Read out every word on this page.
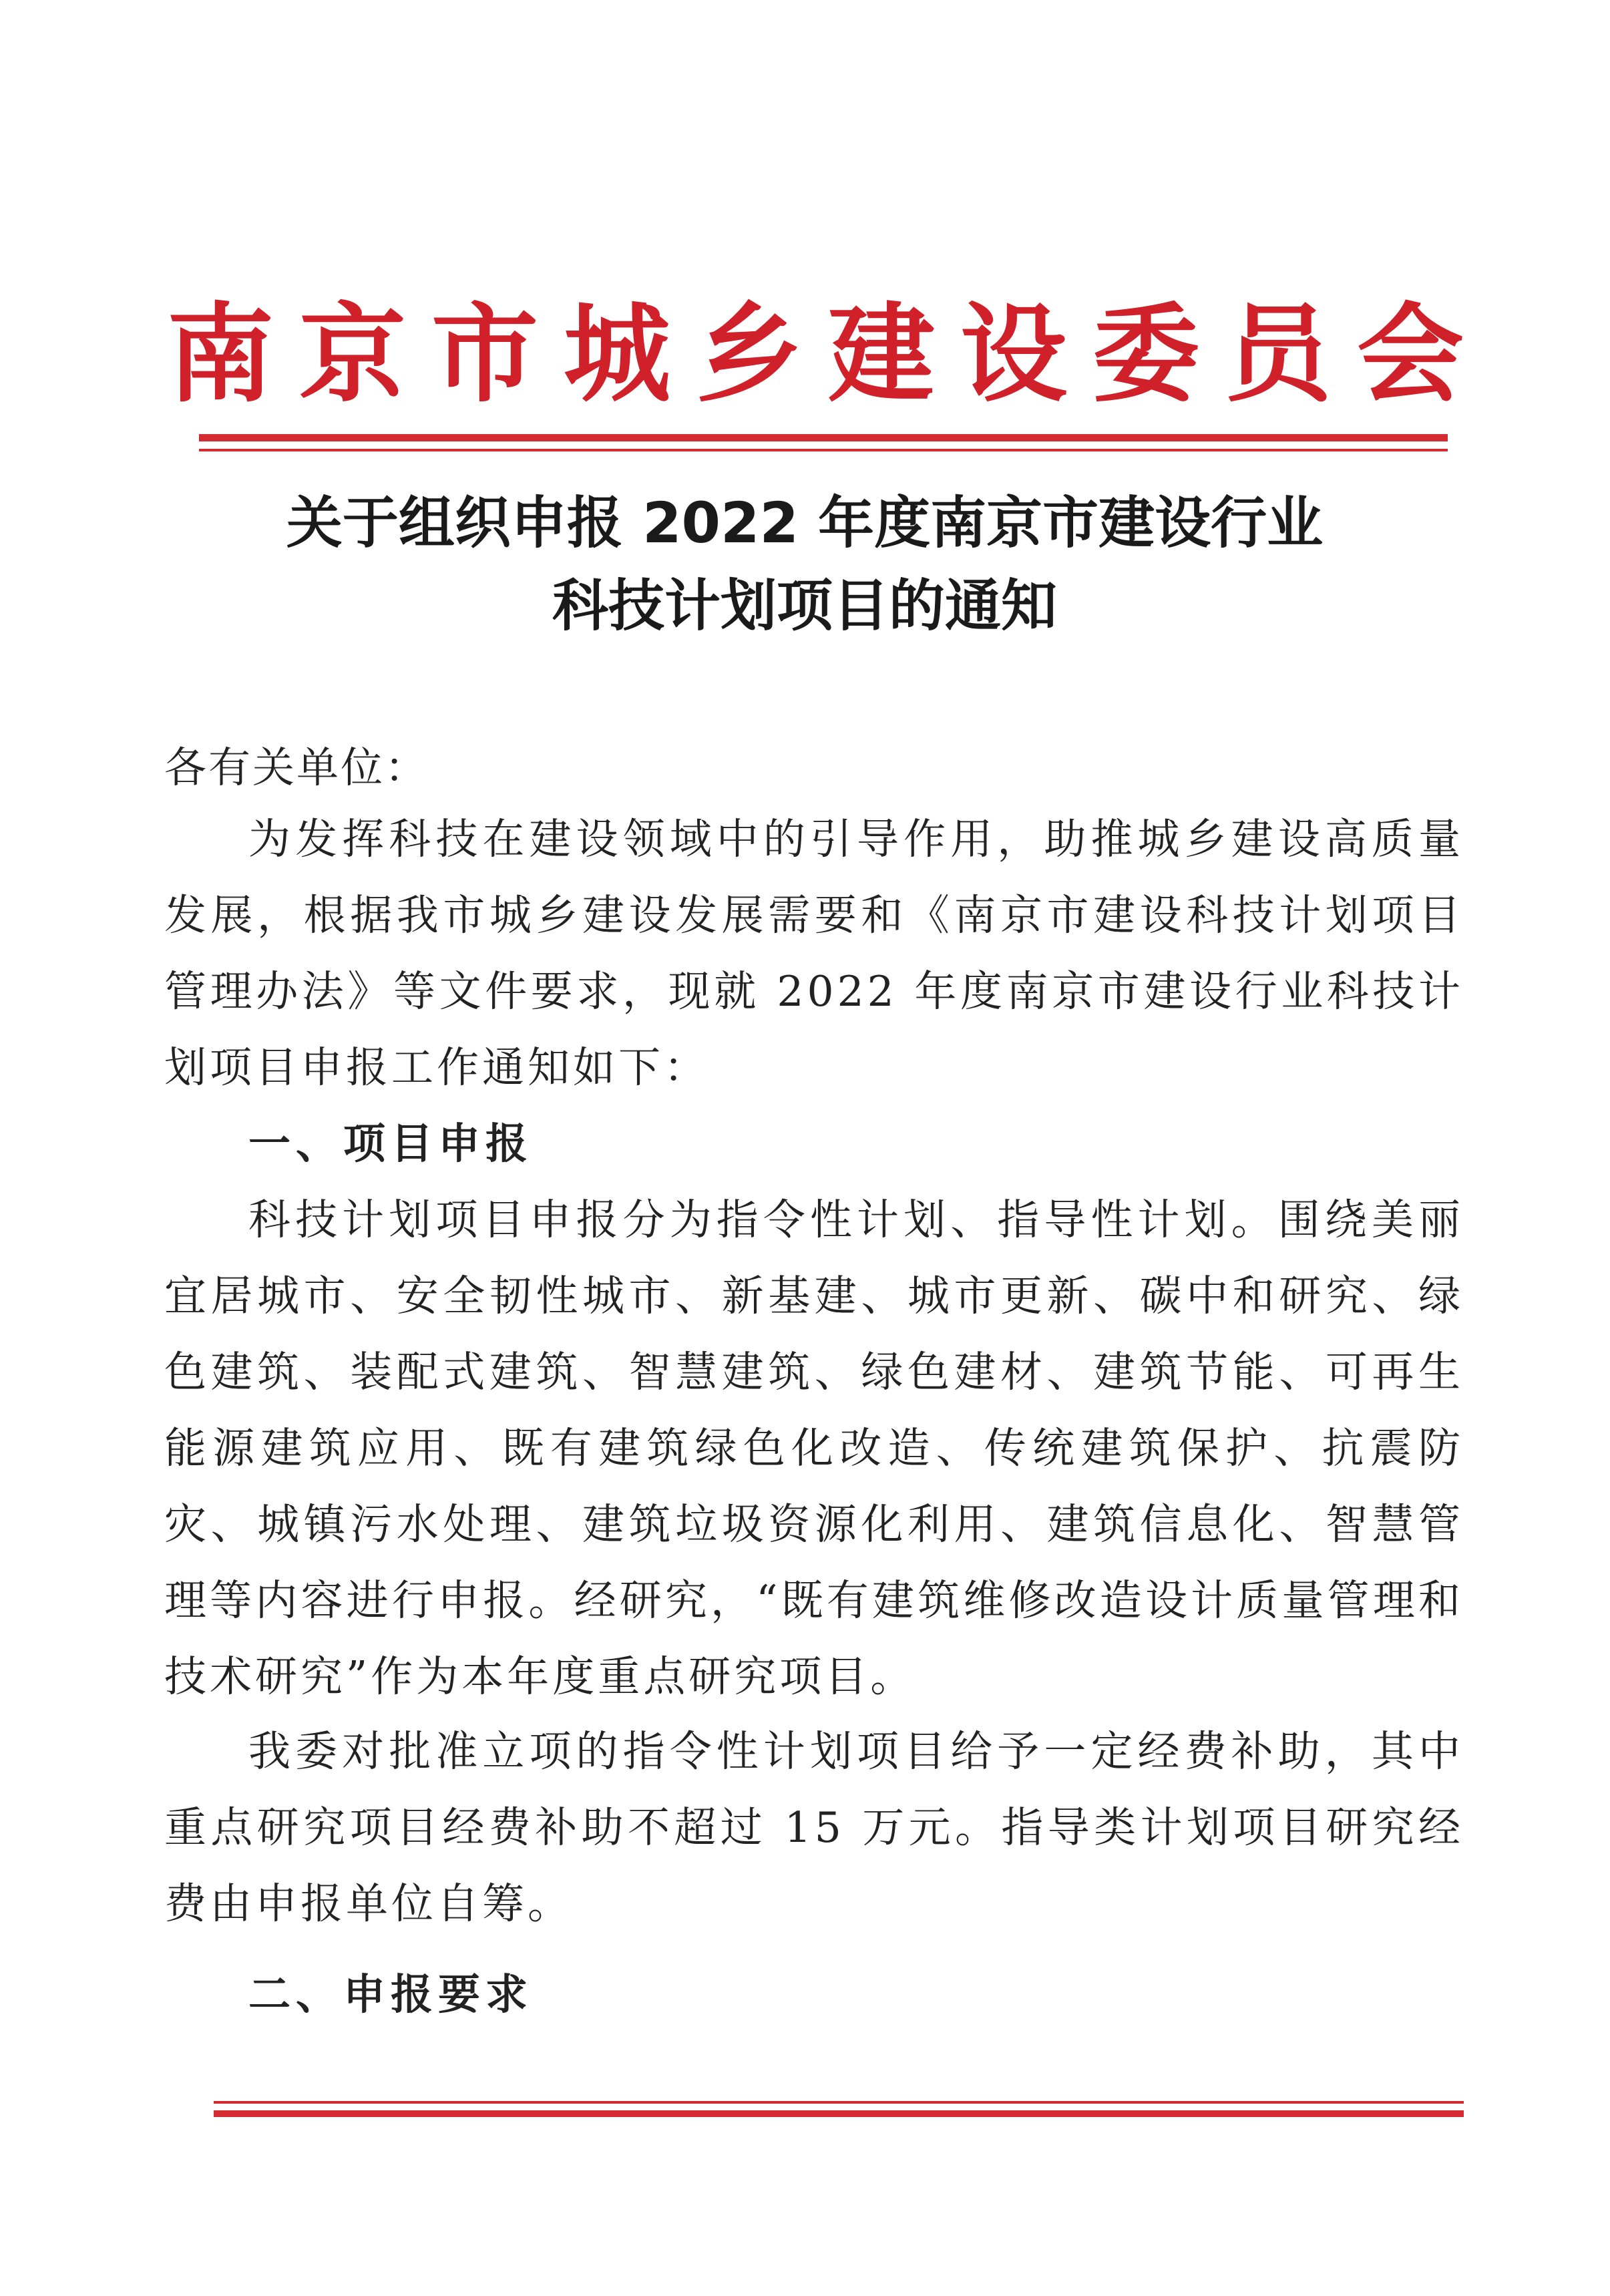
南京市城乡建设委员会
关于组织申报 2022 年度南京市建设行业
科技计划项目的通知
各有关单位：

为发挥科技在建设领域中的引导作用，助推城乡建设高质量发展，根据我市城乡建设发展需要和《南京市建设科技计划项目管理办法》等文件要求，现就 2022 年度南京市建设行业科技计划项目申报工作通知如下：

一、项目申报

科技计划项目申报分为指令性计划、指导性计划。围绕美丽宜居城市、安全韧性城市、新基建、城市更新、碳中和研究、绿色建筑、装配式建筑、智慧建筑、绿色建材、建筑节能、可再生能源建筑应用、既有建筑绿色化改造、传统建筑保护、抗震防灾、城镇污水处理、建筑垃圾资源化利用、建筑信息化、智慧管理等内容进行申报。经研究，“既有建筑维修改造设计质量管理和技术研究”作为本年度重点研究项目。

我委对批准立项的指令性计划项目给予一定经费补助，其中重点研究项目经费补助不超过 15 万元。指导类计划项目研究经费由申报单位自筹。

二、申报要求
